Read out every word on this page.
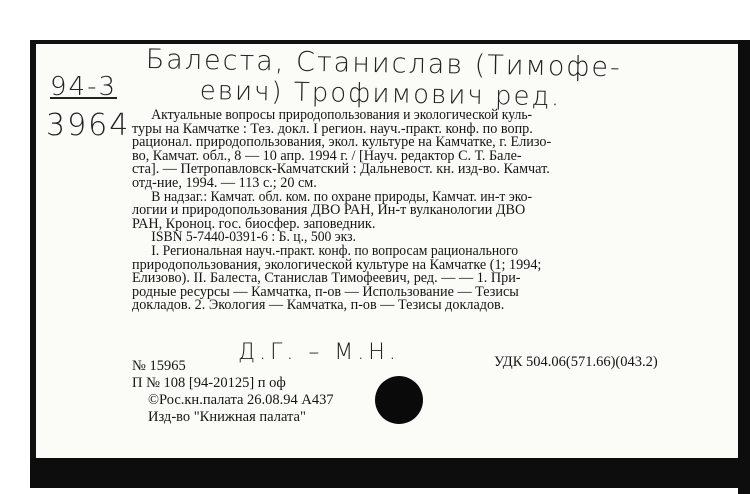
Балеста, Станислав (Тимофе-
евич) Трофимович ред.
94-3
3964	Актуальные вопросы природопользования и экологической куль-
туры на Камчатке : Тез. докл. I регион. науч.-практ. конф. по вопр.
рационал. природопользования, экол. культуре на Камчатке, г. Елизо-
во, Камчат. обл., 8 — 10 апр. 1994 г. / [Науч. редактор С. Т. Бале-
ста]. — Петропавловск-Камчатский : Дальневост. кн. изд-во. Камчат.
отд-ние, 1994. — 113 с.; 20 см.
В надзаг.: Камчат. обл. ком. по охране природы, Камчат. ин-т эко-
логии и природопользования ДВО РАН, Ин-т вулканологии ДВО
РАН, Кроноц. гос. биосфер. заповедник.
ISBN 5-7440-0391-6 : Б. ц., 500 экз.
I. Региональная науч.-практ. конф. по вопросам рационального
природопользования, экологической культуре на Камчатке (1; 1994;
Елизово). II. Балеста, Станислав Тимофеевич, ред. — — 1. При-
родные ресурсы — Камчатка, п-ов — Использование — Тезисы
докладов. 2. Экология — Камчатка, п-ов — Тезисы докладов.
Д.Г. – М.Н.
№ 15965
П № 108 [94-20125] п оф
©Рос.кн.палата 26.08.94 А437
Изд-во "Книжная палата"
УДК 504.06(571.66)(043.2)
